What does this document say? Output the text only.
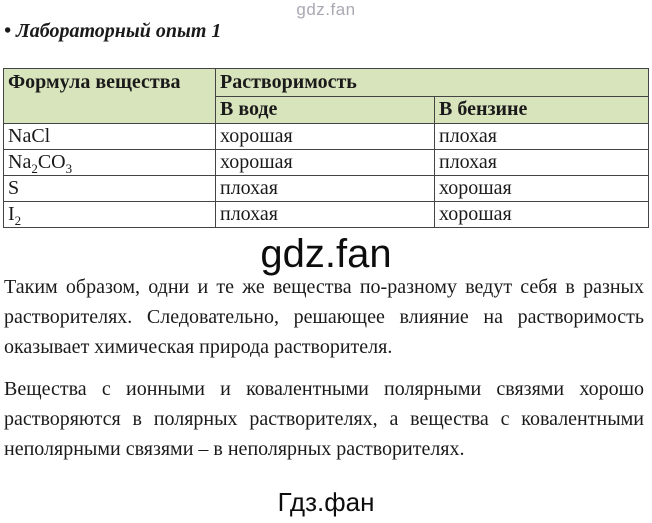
gdz.fan
• Лабораторный опыт 1
Формула вещества	Растворимость	
	В воде	В бензине
NaCl	хорошая	плохая
$Na_2CO_3$	хорошая	плохая
S	плохая	хорошая
$I_2$	плохая	хорошая
gdz.fan

Таким образом, одни и те же вещества по-разному ведут себя в разных растворителях. Следовательно, решающее влияние на растворимость оказывает химическая природа растворителя.

Вещества с ионными и ковалентными полярными связями хорошо растворяются в полярных растворителях, а вещества с ковалентными неполярными связями – в неполярных растворителях.

Гдз.фан
